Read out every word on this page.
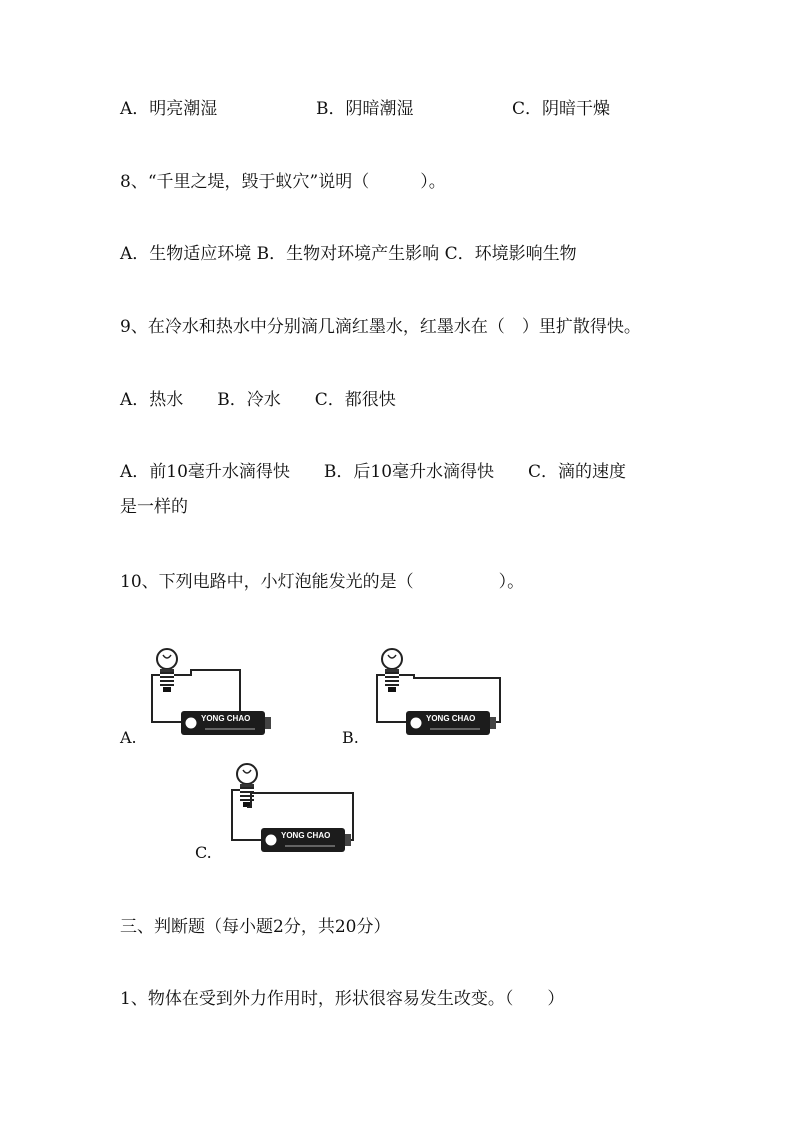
A．明亮潮湿	B．阴暗潮湿	C．阴暗干燥
8、“千里之堤，毁于蚁穴”说明（　　　）。
A．生物适应环境 B．生物对环境产生影响 C．环境影响生物
9、在冷水和热水中分别滴几滴红墨水，红墨水在（　）里扩散得快。
A．热水　　B．冷水　　C．都很快
A．前10毫升水滴得快　　B．后10毫升水滴得快　　C．滴的速度
是一样的
10、下列电路中，小灯泡能发光的是（　　　　　）。
A.
YONG CHAO
B.
YONG CHAO
C.
YONG CHAO
三、判断题（每小题2分，共20分）
1、物体在受到外力作用时，形状很容易发生改变。（　　）
